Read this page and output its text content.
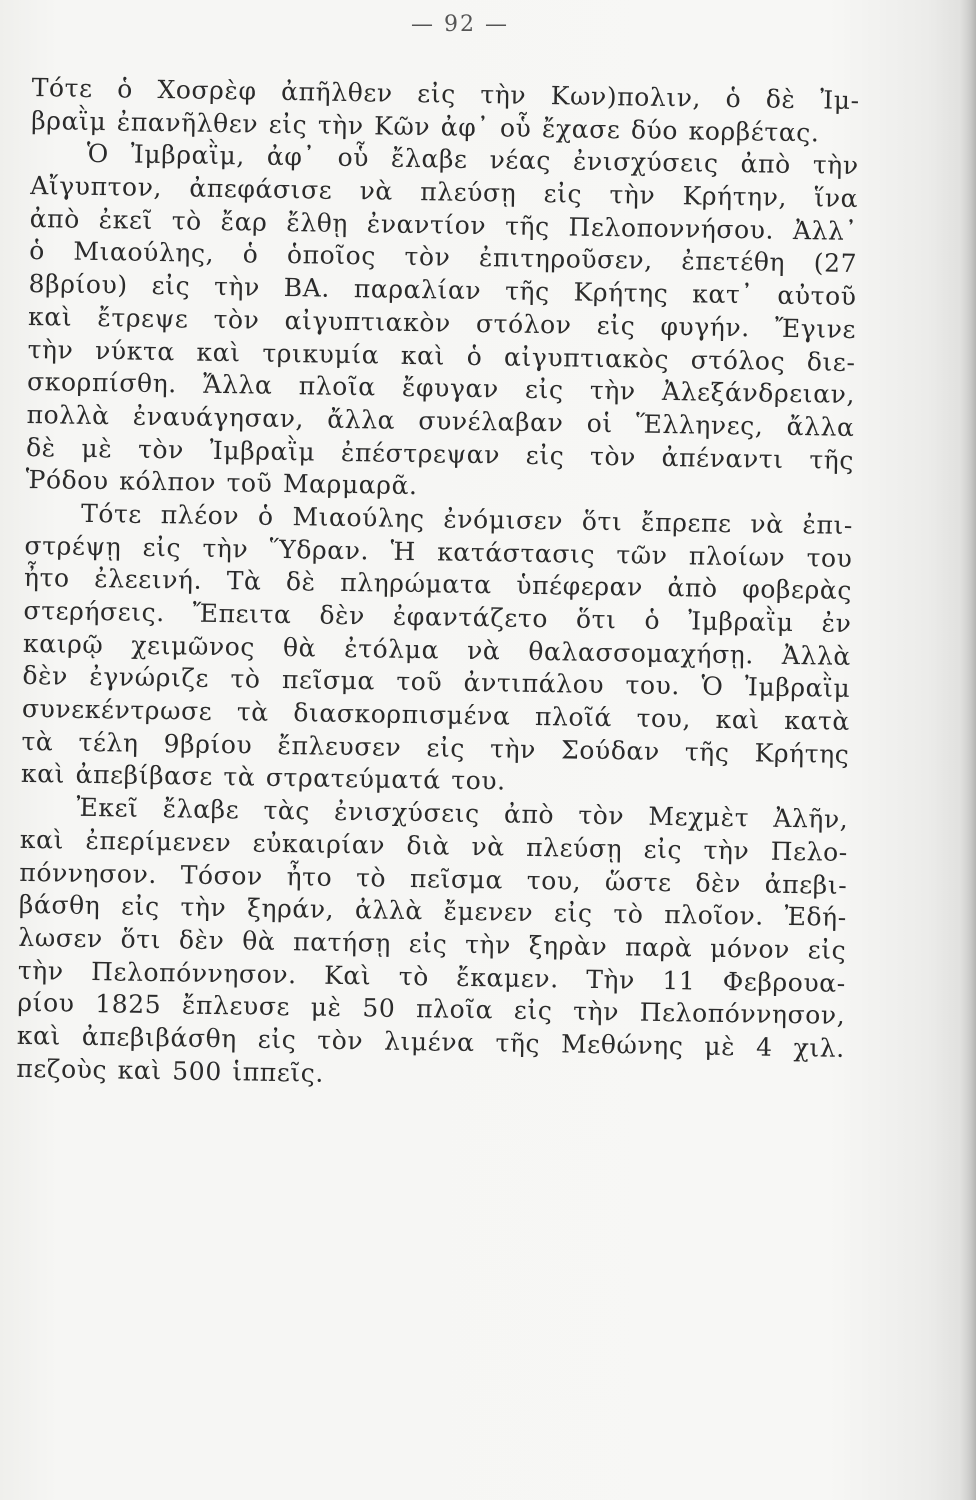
— 92 —
Τότε ὁ Χοσρὲφ ἀπῆλθεν εἰς τὴν Κων)πολιν, ὁ δὲ Ἰμ-
βραῒμ ἐπανῆλθεν εἰς τὴν Κῶν ἀφ᾽ οὗ ἔχασε δύο κορβέτας.
Ὁ Ἰμβραῒμ, ἀφ᾽ οὗ ἔλαβε νέας ἐνισχύσεις ἀπὸ τὴν
Αἴγυπτον, ἀπεφάσισε νὰ πλεύσῃ εἰς τὴν Κρήτην, ἵνα
ἀπὸ ἐκεῖ τὸ ἔαρ ἔλθῃ ἐναντίον τῆς Πελοποννήσου. Ἀλλ᾽
ὁ Μιαούλης, ὁ ὁποῖος τὸν ἐπιτηροῦσεν, ἐπετέθη (27
8βρίου) εἰς τὴν ΒΑ. παραλίαν τῆς Κρήτης κατ᾽ αὐτοῦ
καὶ ἔτρεψε τὸν αἰγυπτιακὸν στόλον εἰς φυγήν. Ἔγινε
τὴν νύκτα καὶ τρικυμία καὶ ὁ αἰγυπτιακὸς στόλος διε-
σκορπίσθη. Ἄλλα πλοῖα ἔφυγαν εἰς τὴν Ἀλεξάνδρειαν,
πολλὰ ἐναυάγησαν, ἄλλα συνέλαβαν οἱ Ἕλληνες, ἄλλα
δὲ μὲ τὸν Ἰμβραῒμ ἐπέστρεψαν εἰς τὸν ἀπέναντι τῆς
Ῥόδου κόλπον τοῦ Μαρμαρᾶ.
Τότε πλέον ὁ Μιαούλης ἐνόμισεν ὅτι ἔπρεπε νὰ ἐπι-
στρέψῃ εἰς τὴν Ὕδραν. Ἡ κατάστασις τῶν πλοίων του
ἦτο ἐλεεινή. Τὰ δὲ πληρώματα ὑπέφεραν ἀπὸ φοβερὰς
στερήσεις. Ἔπειτα δὲν ἐφαντάζετο ὅτι ὁ Ἰμβραῒμ ἐν
καιρῷ χειμῶνος θὰ ἐτόλμα νὰ θαλασσομαχήσῃ. Ἀλλὰ
δὲν ἐγνώριζε τὸ πεῖσμα τοῦ ἀντιπάλου του. Ὁ Ἰμβραῒμ
συνεκέντρωσε τὰ διασκορπισμένα πλοῖά του, καὶ κατὰ
τὰ τέλη 9βρίου ἔπλευσεν εἰς τὴν Σούδαν τῆς Κρήτης
καὶ ἀπεβίβασε τὰ στρατεύματά του.
Ἐκεῖ ἔλαβε τὰς ἐνισχύσεις ἀπὸ τὸν Μεχμὲτ Ἀλῆν,
καὶ ἐπερίμενεν εὐκαιρίαν διὰ νὰ πλεύσῃ εἰς τὴν Πελο-
πόννησον. Τόσον ἦτο τὸ πεῖσμα του, ὥστε δὲν ἀπεβι-
βάσθη εἰς τὴν ξηράν, ἀλλὰ ἔμενεν εἰς τὸ πλοῖον. Ἐδή-
λωσεν ὅτι δὲν θὰ πατήσῃ εἰς τὴν ξηρὰν παρὰ μόνον εἰς
τὴν Πελοπόννησον. Καὶ τὸ ἔκαμεν. Τὴν 11 Φεβρουα-
ρίου 1825 ἔπλευσε μὲ 50 πλοῖα εἰς τὴν Πελοπόννησον,
καὶ ἀπεβιβάσθη εἰς τὸν λιμένα τῆς Μεθώνης μὲ 4 χιλ.
πεζοὺς καὶ 500 ἱππεῖς.
